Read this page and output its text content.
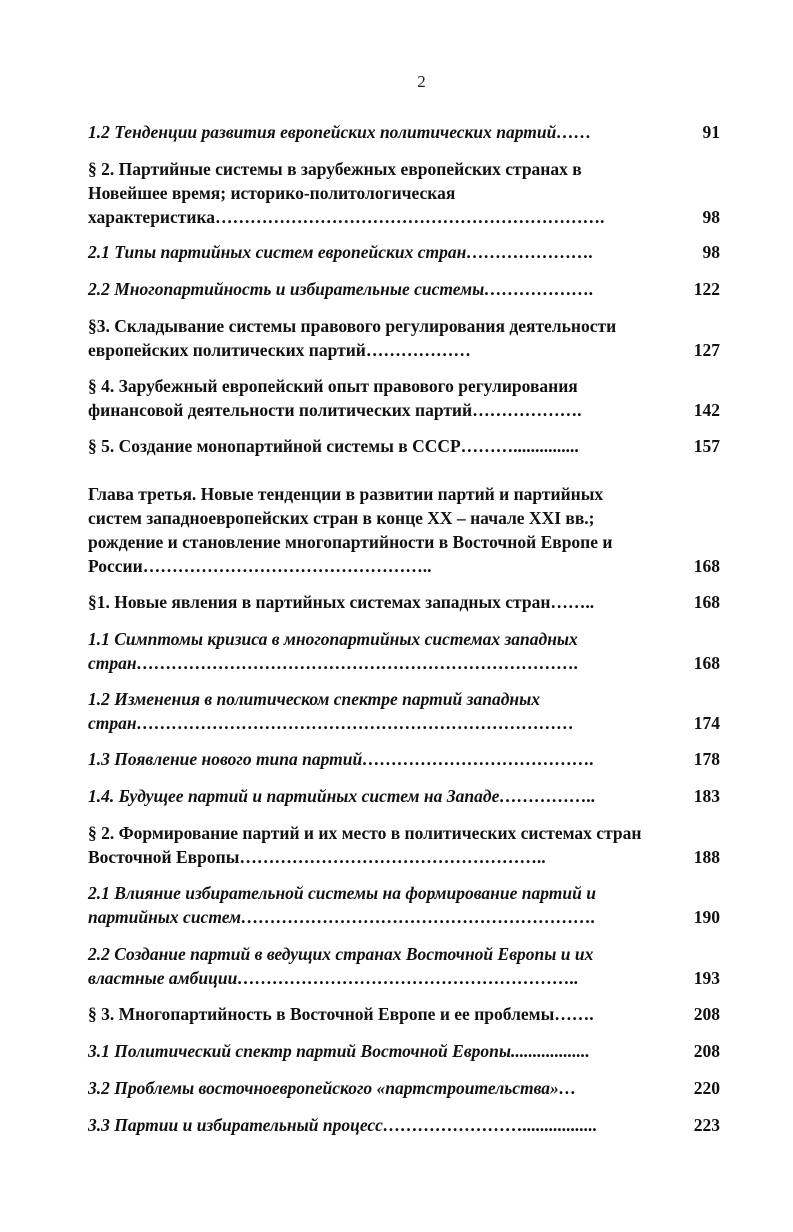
2
1.2 Тенденции развития европейских политических партий……	91
§ 2. Партийные системы в зарубежных европейских странах в Новейшее время; историко-политологическая характеристика………………………………………………………….	98
2.1 Типы партийных систем европейских стран………………….	98
2.2 Многопартийность и избирательные системы……………….	122
§3. Складывание системы правового регулирования деятельности европейских политических партий………………	127
§ 4. Зарубежный европейский опыт правового регулирования финансовой деятельности политических партий……………….	142
§ 5. Создание монопартийной системы в СССР………...............	157
Глава третья. Новые тенденции в развитии партий и партийных систем западноевропейских стран в конце XX – начале XXI вв.; рождение и становление многопартийности в Восточной Европе и России…………………………………………..	168
§1. Новые явления в партийных системах западных стран……..	168
1.1 Симптомы кризиса в многопартийных системах западных стран………………………………………………………………….	168
1.2 Изменения в политическом спектре партий западных стран…………………………………………………………………	174
1.3 Появление нового типа партий………………………………….	178
1.4. Будущее партий и партийных систем на Западе……………..	183
§ 2. Формирование партий и их место в политических системах стран Восточной Европы……………………………………………..	188
2.1 Влияние избирательной системы на формирование партий и партийных систем…………………………………………………….	190
2.2 Создание партий в ведущих странах Восточной Европы и их властные амбиции…………………………………………………..	193
§ 3. Многопартийность в Восточной Европе и ее проблемы…….	208
3.1 Политический спектр партий Восточной Европы..................	208
3.2 Проблемы восточноевропейского «партстроительства»…	220
3.3 Партии и избирательный процесс…………………….................	223
